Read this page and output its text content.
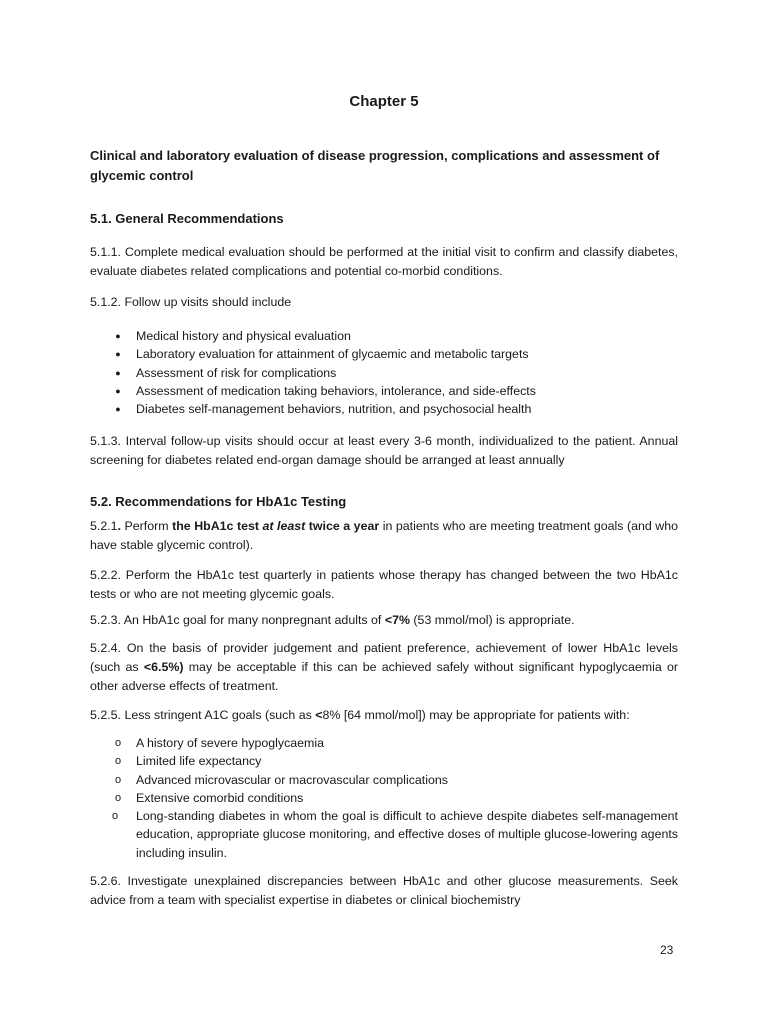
Chapter 5
Clinical and laboratory evaluation of disease progression, complications and assessment of glycemic control
5.1. General Recommendations
5.1.1. Complete medical evaluation should be performed at the initial visit to confirm and classify diabetes, evaluate diabetes related complications and potential co-morbid conditions.
5.1.2. Follow up visits should include
● Medical history and physical evaluation
● Laboratory evaluation for attainment of glycaemic and metabolic targets
● Assessment of risk for complications
● Assessment of medication taking behaviors, intolerance, and side-effects
● Diabetes self-management behaviors, nutrition, and psychosocial health
5.1.3. Interval follow-up visits should occur at least every 3-6 month, individualized to the patient. Annual screening for diabetes related end-organ damage should be arranged at least annually
5.2. Recommendations for HbA1c Testing
5.2.1. Perform the HbA1c test at least twice a year in patients who are meeting treatment goals (and who have stable glycemic control).
5.2.2. Perform the HbA1c test quarterly in patients whose therapy has changed between the two HbA1c tests or who are not meeting glycemic goals.
5.2.3. An HbA1c goal for many nonpregnant adults of <7% (53 mmol/mol) is appropriate.
5.2.4. On the basis of provider judgement and patient preference, achievement of lower HbA1c levels (such as <6.5%) may be acceptable if this can be achieved safely without significant hypoglycaemia or other adverse effects of treatment.
5.2.5. Less stringent A1C goals (such as <8% [64 mmol/mol]) may be appropriate for patients with:
o A history of severe hypoglycaemia
o Limited life expectancy
o Advanced microvascular or macrovascular complications
o Extensive comorbid conditions
o	Long-standing diabetes in whom the goal is difficult to achieve despite diabetes self-management education, appropriate glucose monitoring, and effective doses of multiple glucose-lowering agents including insulin.
5.2.6. Investigate unexplained discrepancies between HbA1c and other glucose measurements. Seek advice from a team with specialist expertise in diabetes or clinical biochemistry
23
